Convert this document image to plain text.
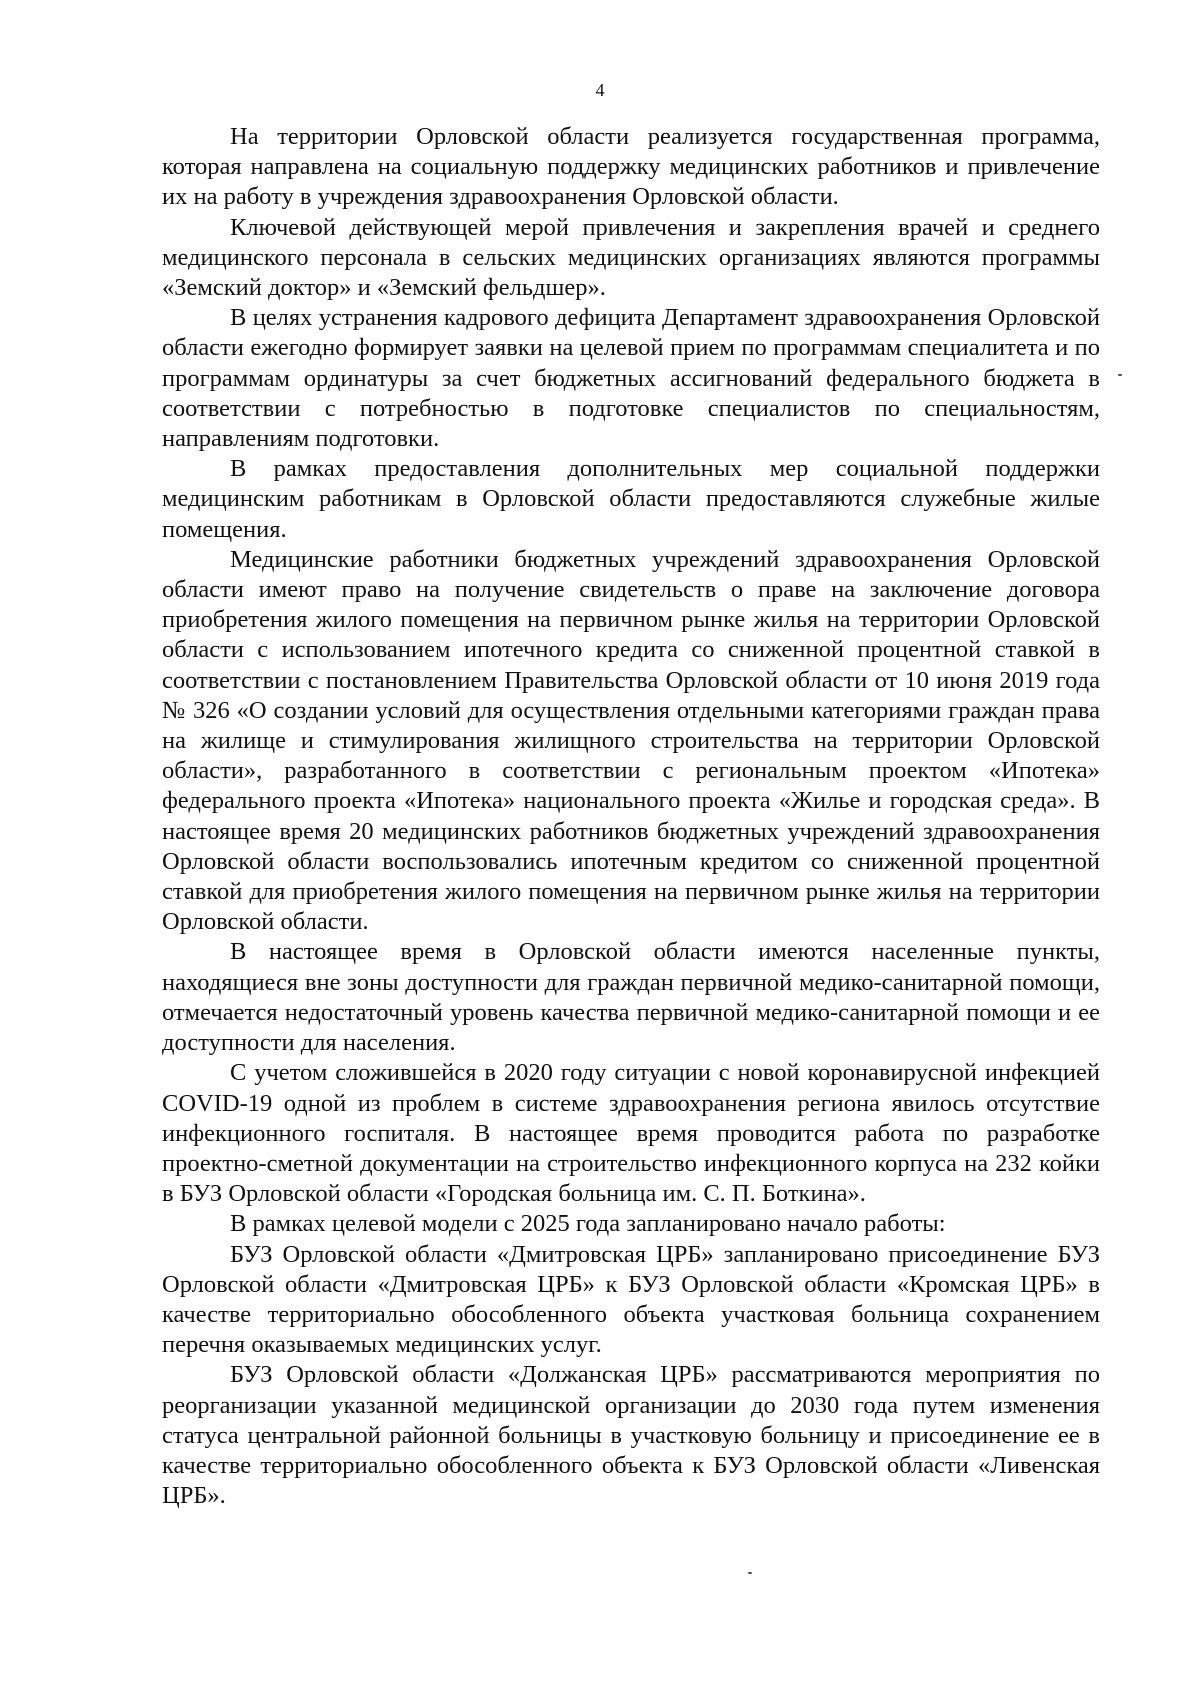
4

На территории Орловской области реализуется государственная программа, которая направлена на социальную поддержку медицинских работников и привлечение их на работу в учреждения здравоохранения Орловской области.

Ключевой действующей мерой привлечения и закрепления врачей и среднего медицинского персонала в сельских медицинских организациях являются программы «Земский доктор» и «Земский фельдшер».

В целях устранения кадрового дефицита Департамент здравоохранения Орловской области ежегодно формирует заявки на целевой прием по программам специалитета и по программам ординатуры за счет бюджетных ассигнований федерального бюджета в соответствии с потребностью в подготовке специалистов по специальностям, направлениям подготовки.

В рамках предоставления дополнительных мер социальной поддержки медицинским работникам в Орловской области предоставляются служебные жилые помещения.

Медицинские работники бюджетных учреждений здравоохранения Орловской области имеют право на получение свидетельств о праве на заключение договора приобретения жилого помещения на первичном рынке жилья на территории Орловской области с использованием ипотечного кредита со сниженной процентной ставкой в соответствии с постановлением Правительства Орловской области от 10 июня 2019 года № 326 «О создании условий для осуществления отдельными категориями граждан права на жилище и стимулирования жилищного строительства на территории Орловской области», разработанного в соответствии с региональным проектом «Ипотека» федерального проекта «Ипотека» национального проекта «Жилье и городская среда». В настоящее время 20 медицинских работников бюджетных учреждений здравоохранения Орловской области воспользовались ипотечным кредитом со сниженной процентной ставкой для приобретения жилого помещения на первичном рынке жилья на территории Орловской области.

В настоящее время в Орловской области имеются населенные пункты, находящиеся вне зоны доступности для граждан первичной медико-санитарной помощи, отмечается недостаточный уровень качества первичной медико-санитарной помощи и ее доступности для населения.

С учетом сложившейся в 2020 году ситуации с новой коронавирусной инфекцией COVID-19 одной из проблем в системе здравоохранения региона явилось отсутствие инфекционного госпиталя. В настоящее время проводится работа по разработке проектно-сметной документации на строительство инфекционного корпуса на 232 койки в БУЗ Орловской области «Городская больница им. С. П. Боткина».

В рамках целевой модели с 2025 года запланировано начало работы:

БУЗ Орловской области «Дмитровская ЦРБ» запланировано присоединение БУЗ Орловской области «Дмитровская ЦРБ» к БУЗ Орловской области «Кромская ЦРБ» в качестве территориально обособленного объекта участковая больница сохранением перечня оказываемых медицинских услуг.

БУЗ Орловской области «Должанская ЦРБ» рассматриваются мероприятия по реорганизации указанной медицинской организации до 2030 года путем изменения статуса центральной районной больницы в участковую больницу и присоединение ее в качестве территориально обособленного объекта к БУЗ Орловской области «Ливенская ЦРБ».
